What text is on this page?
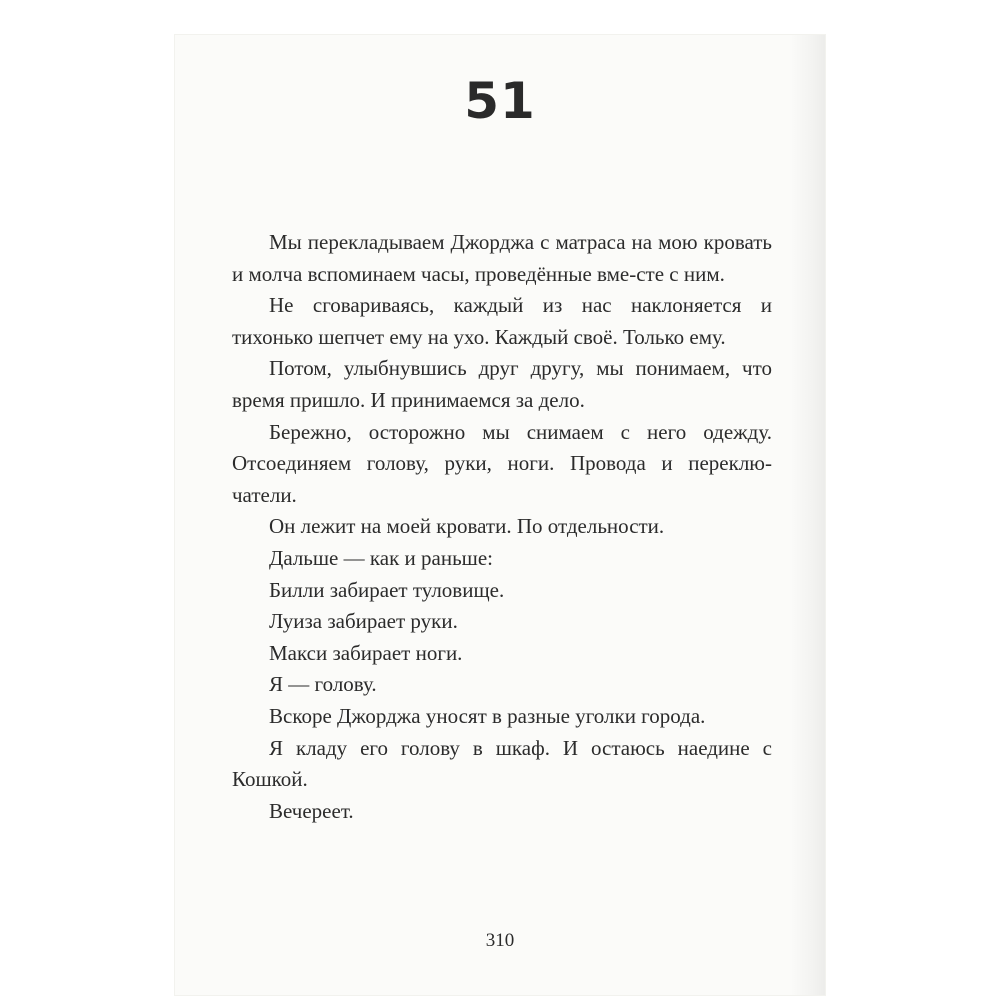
51

Мы перекладываем Джорджа с матраса на мою кровать и молча вспоминаем часы, проведённые вме-сте с ним.

Не сговариваясь, каждый из нас наклоняется и тихонько шепчет ему на ухо. Каждый своё. Только ему.

Потом, улыбнувшись друг другу, мы понимаем, что время пришло. И принимаемся за дело.

Бережно, осторожно мы снимаем с него одежду. Отсоединяем голову, руки, ноги. Провода и переклю-чатели.

Он лежит на моей кровати. По отдельности.

Дальше — как и раньше:

Билли забирает туловище.

Луиза забирает руки.

Макси забирает ноги.

Я — голову.

Вскоре Джорджа уносят в разные уголки города.

Я кладу его голову в шкаф. И остаюсь наедине с Кошкой.

Вечереет.

310
